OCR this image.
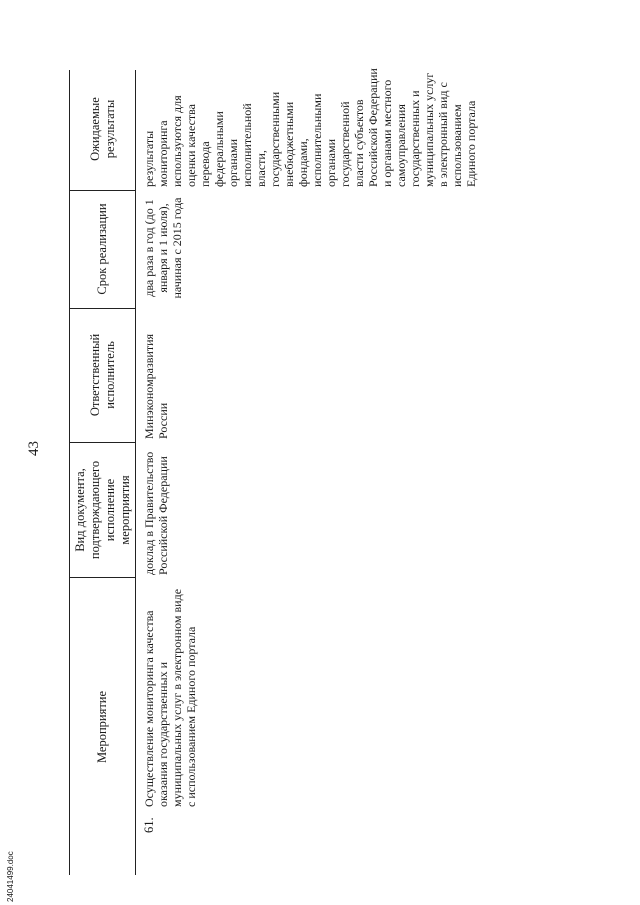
43
24041499.doc
Мероприятие
Вид документа, подтверждающего исполнение мероприятия
Ответственный исполнитель
Срок реализации
Ожидаемые результаты
61.
Осуществление мониторинга качества оказания государственных и муниципальных услуг в электронном виде с использованием Единого портала
доклад в Правительство Российской Федерации
Минэкономразвития России
два раза в год (до 1 января и 1 июля), начиная с 2015 года
результаты мониторинга используются для оценки качества перевода федеральными органами исполнительной власти, государственными внебюджетными фондами, исполнительными органами государственной власти субъектов Российской Федерации и органами местного самоуправления государственных и муниципальных услуг в электронный вид с использованием Единого портала
